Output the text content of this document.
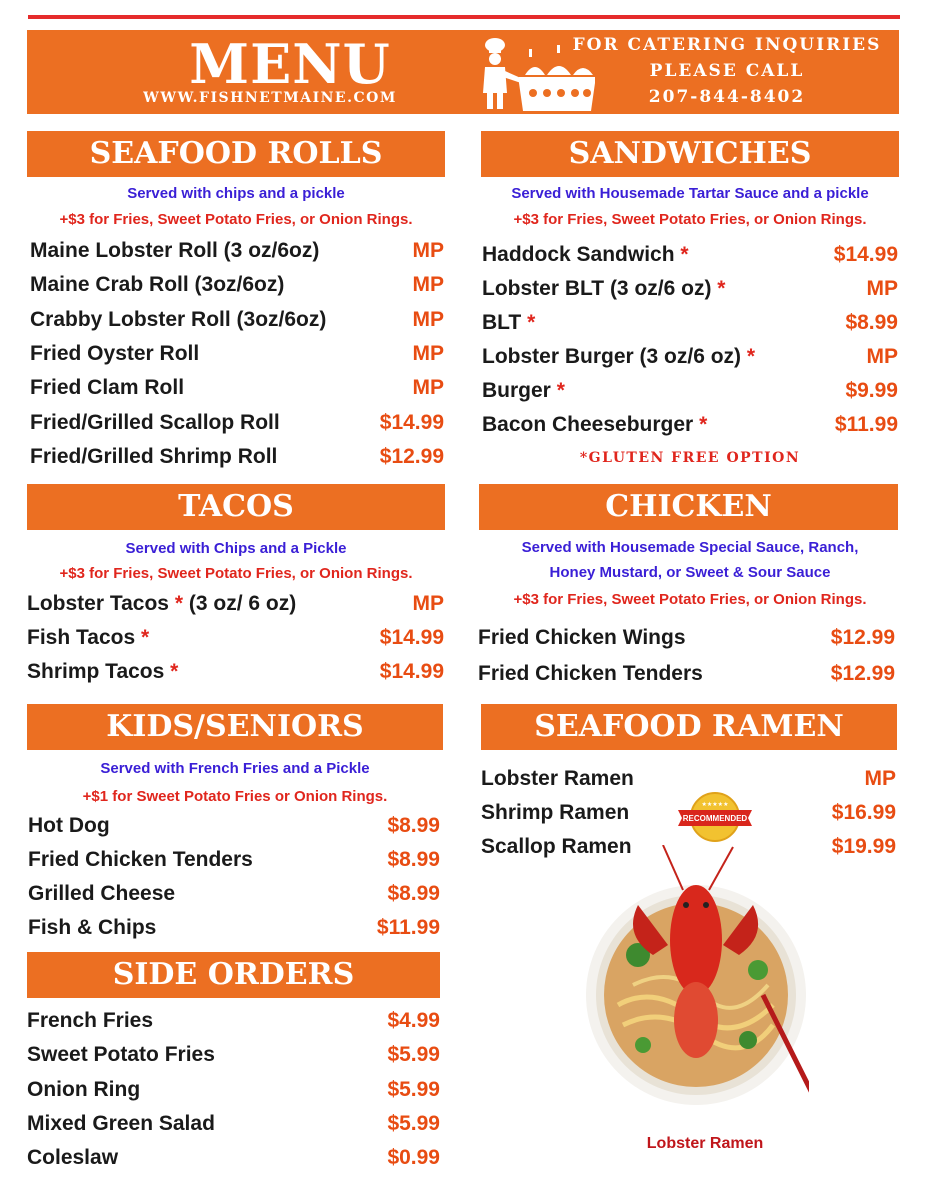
MENU
WWW.FISHNETMAINE.COM
FOR CATERING INQUIRIES
PLEASE CALL
207-844-8402
SEAFOOD ROLLS
Served with chips and a pickle
+$3 for Fries, Sweet Potato Fries, or Onion Rings.
Maine Lobster Roll (3 oz/6oz)	MP
Maine Crab Roll (3oz/6oz)	MP
Crabby Lobster Roll (3oz/6oz)	MP
Fried Oyster Roll	MP
Fried Clam Roll	MP
Fried/Grilled Scallop Roll	$14.99
Fried/Grilled Shrimp Roll	$12.99
SANDWICHES
Served with Housemade Tartar Sauce and a pickle
+$3 for Fries, Sweet Potato Fries, or Onion Rings.
Haddock Sandwich *	$14.99
Lobster BLT (3 oz/6 oz) *	MP
BLT *	$8.99
Lobster Burger (3 oz/6 oz) *	MP
Burger *	$9.99
Bacon Cheeseburger *	$11.99
*GLUTEN FREE OPTION
TACOS
Served with Chips and a Pickle
+$3 for Fries, Sweet Potato Fries, or Onion Rings.
Lobster Tacos * (3 oz/ 6 oz)	MP
Fish Tacos *	$14.99
Shrimp Tacos *	$14.99
CHICKEN
Served with Housemade Special Sauce, Ranch,
Honey Mustard, or Sweet & Sour Sauce
+$3 for Fries, Sweet Potato Fries, or Onion Rings.
Fried Chicken Wings	$12.99
Fried Chicken Tenders	$12.99
KIDS/SENIORS
Served with French Fries and a Pickle
+$1 for Sweet Potato Fries or Onion Rings.
Hot Dog	$8.99
Fried Chicken Tenders	$8.99
Grilled Cheese	$8.99
Fish & Chips	$11.99
SEAFOOD RAMEN
Lobster Ramen	MP
Shrimp Ramen	$16.99
Scallop Ramen	$19.99
★★★★★
RECOMMENDED
Lobster Ramen
SIDE ORDERS
French Fries	$4.99
Sweet Potato Fries	$5.99
Onion Ring	$5.99
Mixed Green Salad	$5.99
Coleslaw	$0.99
